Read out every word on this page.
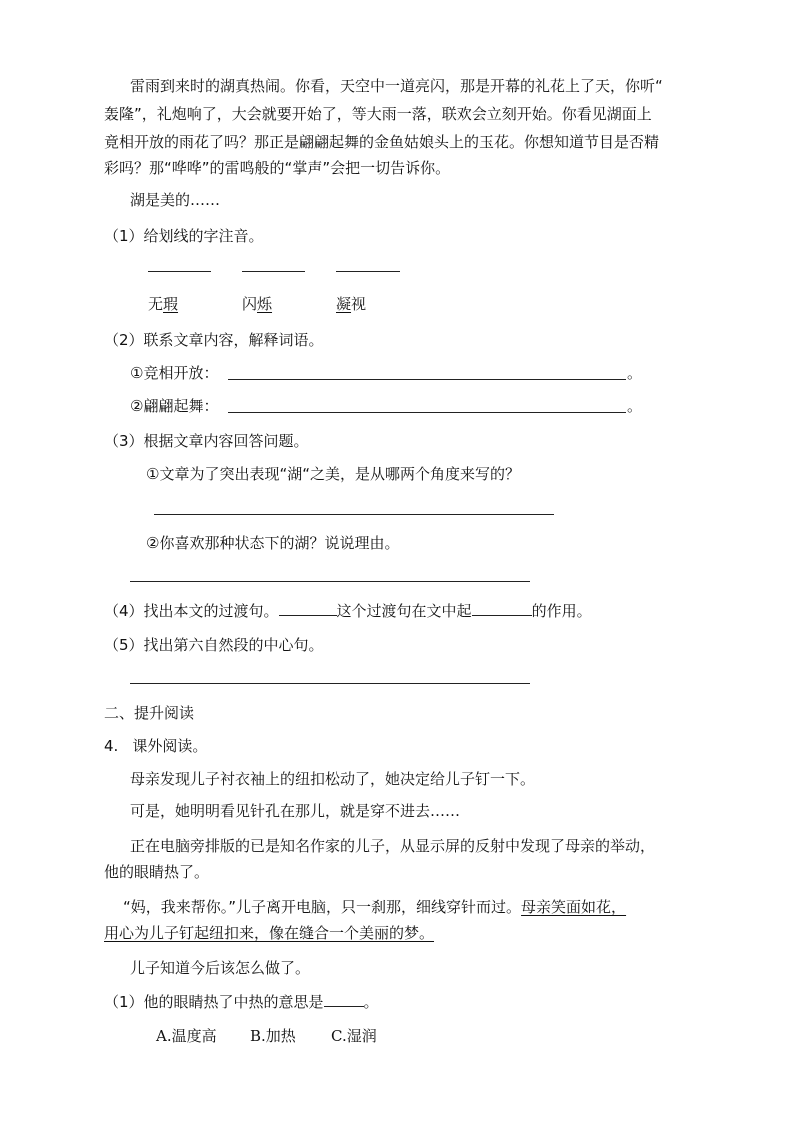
雷雨到来时的湖真热闹。你看，天空中一道亮闪，那是开幕的礼花上了天，你听“
轰隆”，礼炮响了，大会就要开始了，等大雨一落，联欢会立刻开始。你看见湖面上
竟相开放的雨花了吗？那正是翩翩起舞的金鱼姑娘头上的玉花。你想知道节目是否精
彩吗？那“哗哗”的雷鸣般的“掌声”会把一切告诉你。
湖是美的……
（1）给划线的字注音。
无瑕	闪烁	凝视
（2）联系文章内容，解释词语。
①竞相开放：	。
②翩翩起舞：	。
（3）根据文章内容回答问题。
①文章为了突出表现“湖“之美，是从哪两个角度来写的？
②你喜欢那种状态下的湖？说说理由。
（4）找出本文的过渡句。	这个过渡句在文中起	的作用。
（5）找出第六自然段的中心句。
二、提升阅读
4. 课外阅读。
母亲发现儿子衬衣袖上的纽扣松动了，她决定给儿子钉一下。
可是，她明明看见针孔在那儿，就是穿不进去……
正在电脑旁排版的已是知名作家的儿子，从显示屏的反射中发现了母亲的举动，
他的眼睛热了。
“妈，我来帮你。”儿子离开电脑，只一刹那，细线穿针而过。母亲笑面如花，
用心为儿子钉起纽扣来，像在缝合一个美丽的梦。
儿子知道今后该怎么做了。
（1）他的眼睛热了中热的意思是	。
A.温度高 B.加热 C.湿润
